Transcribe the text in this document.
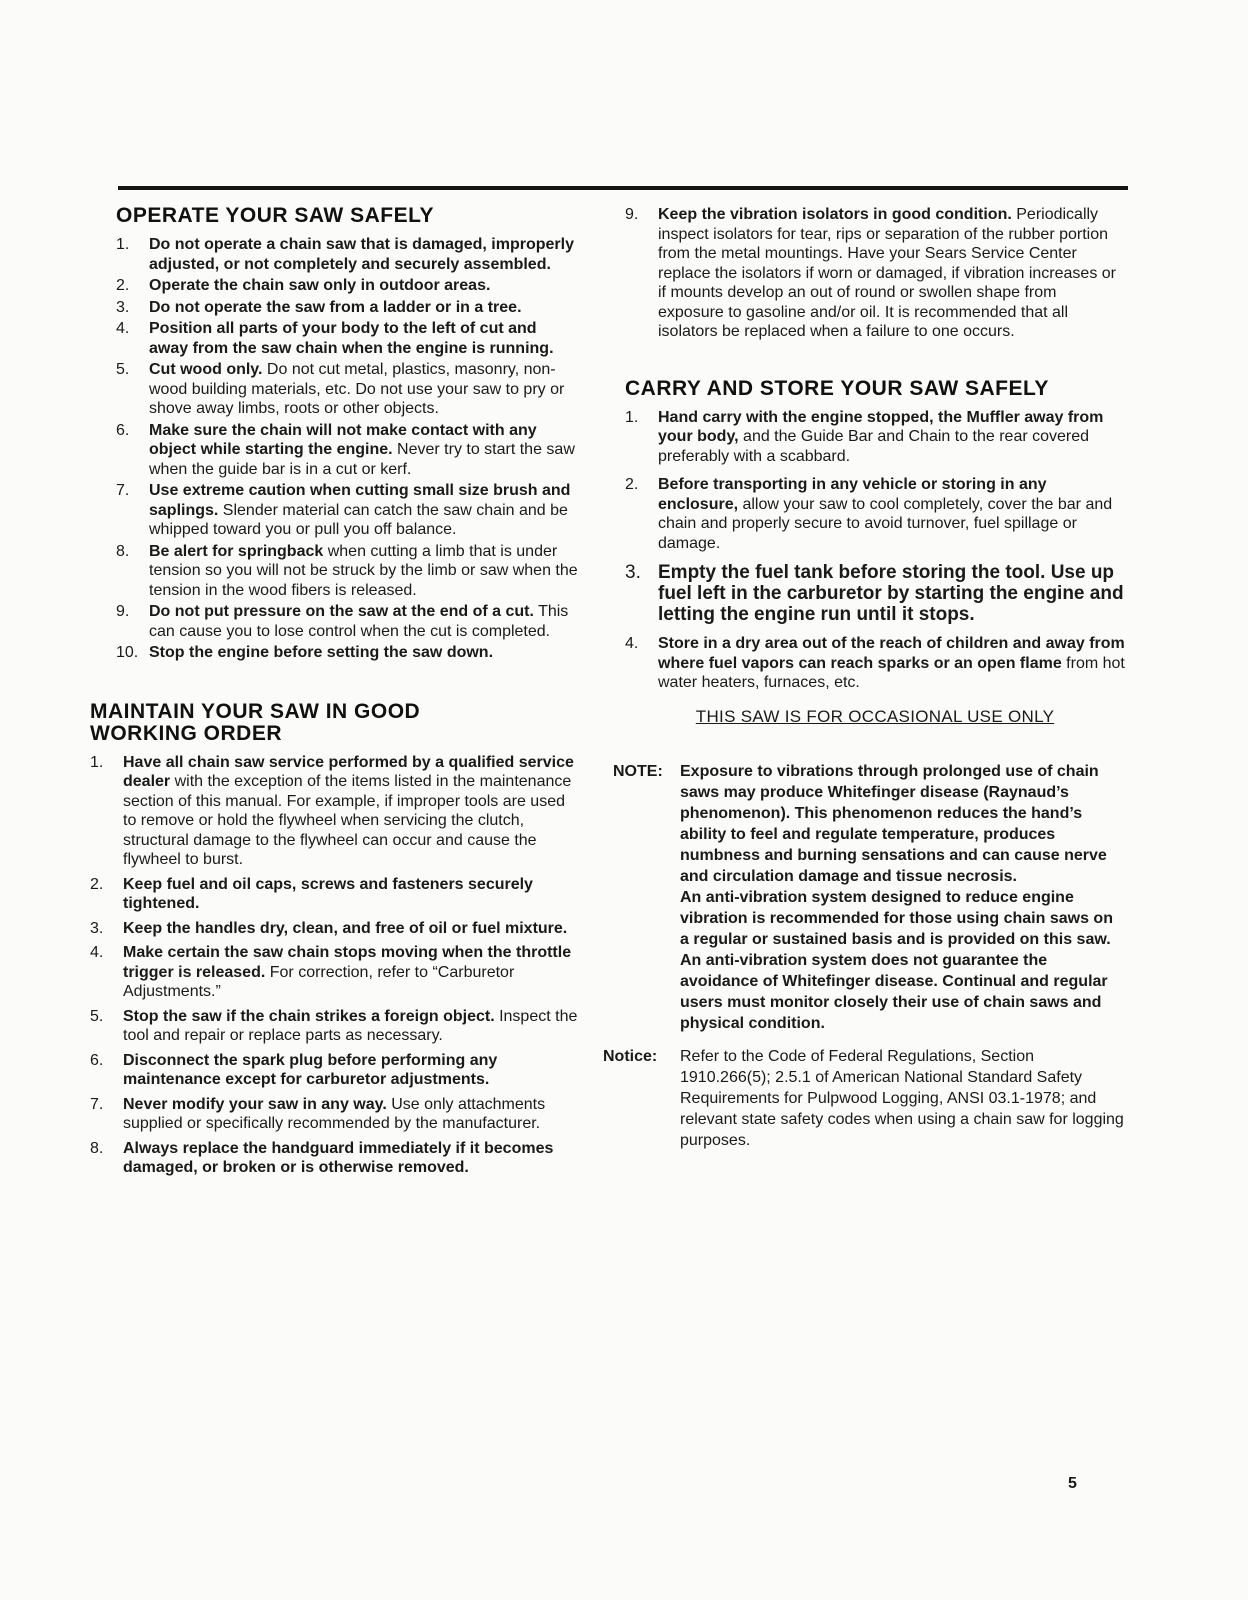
OPERATE YOUR SAW SAFELY
1.	Do not operate a chain saw that is damaged, improperly adjusted, or not completely and securely assembled.
2.	Operate the chain saw only in outdoor areas.
3.	Do not operate the saw from a ladder or in a tree.
4.	Position all parts of your body to the left of cut and away from the saw chain when the engine is running.
5.	Cut wood only. Do not cut metal, plastics, masonry, non-wood building materials, etc. Do not use your saw to pry or shove away limbs, roots or other objects.
6.	Make sure the chain will not make contact with any object while starting the engine. Never try to start the saw when the guide bar is in a cut or kerf.
7.	Use extreme caution when cutting small size brush and saplings. Slender material can catch the saw chain and be whipped toward you or pull you off balance.
8.	Be alert for springback when cutting a limb that is under tension so you will not be struck by the limb or saw when the tension in the wood fibers is released.
9.	Do not put pressure on the saw at the end of a cut. This can cause you to lose control when the cut is completed.
10. Stop the engine before setting the saw down.
MAINTAIN YOUR SAW IN GOOD
WORKING ORDER
1.	Have all chain saw service performed by a qualified service dealer with the exception of the items listed in the maintenance section of this manual. For example, if improper tools are used to remove or hold the flywheel when servicing the clutch, structural damage to the flywheel can occur and cause the flywheel to burst.
2.	Keep fuel and oil caps, screws and fasteners securely tightened.
3.	Keep the handles dry, clean, and free of oil or fuel mixture.
4.	Make certain the saw chain stops moving when the throttle trigger is released. For correction, refer to “Carburetor Adjustments.”
5.	Stop the saw if the chain strikes a foreign object. Inspect the tool and repair or replace parts as necessary.
6.	Disconnect the spark plug before performing any maintenance except for carburetor adjustments.
7.	Never modify your saw in any way. Use only attachments supplied or specifically recommended by the manufacturer.
8.	Always replace the handguard immediately if it becomes damaged, or broken or is otherwise removed.
9.	Keep the vibration isolators in good condition. Periodically inspect isolators for tear, rips or separation of the rubber portion from the metal mountings. Have your Sears Service Center replace the isolators if worn or damaged, if vibration increases or if mounts develop an out of round or swollen shape from exposure to gasoline and/or oil. It is recommended that all isolators be replaced when a failure to one occurs.
CARRY AND STORE YOUR SAW SAFELY
1.	Hand carry with the engine stopped, the Muffler away from your body, and the Guide Bar and Chain to the rear covered preferably with a scabbard.
2.	Before transporting in any vehicle or storing in any enclosure, allow your saw to cool completely, cover the bar and chain and properly secure to avoid turnover, fuel spillage or damage.
3. Empty the fuel tank before storing the tool. Use up fuel left in the carburetor by starting the engine and letting the engine run until it stops.
4.	Store in a dry area out of the reach of children and away from where fuel vapors can reach sparks or an open flame from hot water heaters, furnaces, etc.
THIS SAW IS FOR OCCASIONAL USE ONLY
NOTE: Exposure to vibrations through prolonged use of chain saws may produce Whitefinger disease (Raynaud’s phenomenon). This phenomenon reduces the hand’s ability to feel and regulate temperature, produces numbness and burning sensations and can cause nerve and circulation damage and tissue necrosis.

An anti-vibration system designed to reduce engine vibration is recommended for those using chain saws on a regular or sustained basis and is provided on this saw. An anti-vibration system does not guarantee the avoidance of Whitefinger disease. Continual and regular users must monitor closely their use of chain saws and physical condition.

Notice: Refer to the Code of Federal Regulations, Section 1910.266(5); 2.5.1 of American National Standard Safety Requirements for Pulpwood Logging, ANSI 03.1-1978; and relevant state safety codes when using a chain saw for logging purposes.
5
